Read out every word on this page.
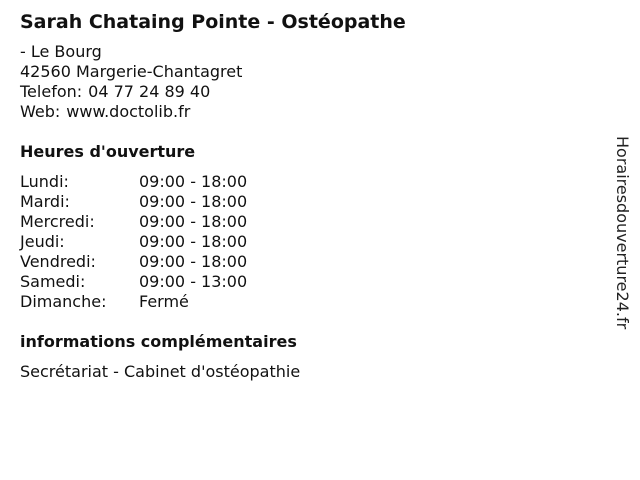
Sarah Chataing Pointe - Ostéopathe
- Le Bourg
42560 Margerie-Chantagret
Telefon: 04 77 24 89 40
Web: www.doctolib.fr
Heures d'ouverture
Lundi:	09:00 - 18:00
Mardi:	09:00 - 18:00
Mercredi:	09:00 - 18:00
Jeudi:	09:00 - 18:00
Vendredi:	09:00 - 18:00
Samedi:	09:00 - 13:00
Dimanche:	Fermé
informations complémentaires
Secrétariat - Cabinet d'ostéopathie
Horairesdouverture24.fr
